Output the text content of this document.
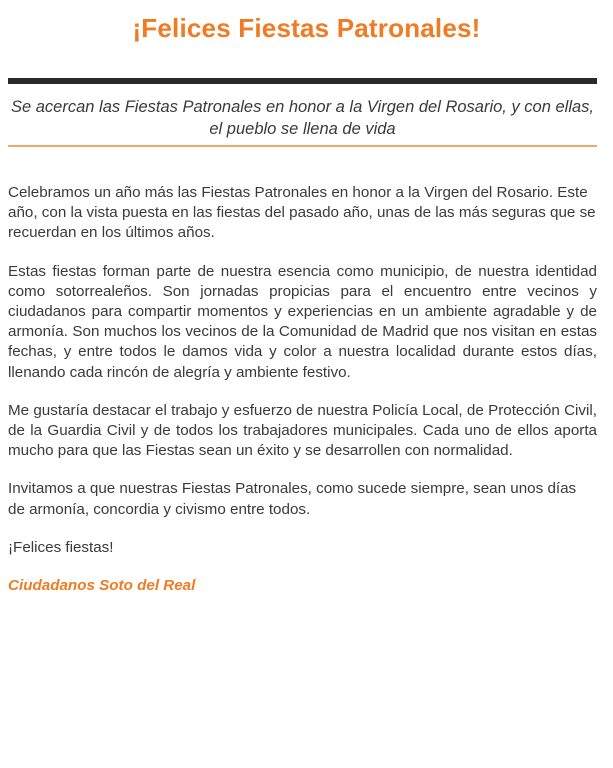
¡Felices Fiestas Patronales!

Se acercan las Fiestas Patronales en honor a la Virgen del Rosario, y con ellas, el pueblo se llena de vida

Celebramos un año más las Fiestas Patronales en honor a la Virgen del Rosario. Este año, con la vista puesta en las fiestas del pasado año, unas de las más seguras que se recuerdan en los últimos años.

Estas fiestas forman parte de nuestra esencia como municipio, de nuestra identidad como sotorrealeños. Son jornadas propicias para el encuentro entre vecinos y ciudadanos para compartir momentos y experiencias en un ambiente agradable y de armonía. Son muchos los vecinos de la Comunidad de Madrid que nos visitan en estas fechas, y entre todos le damos vida y color a nuestra localidad durante estos días, llenando cada rincón de alegría y ambiente festivo.

Me gustaría destacar el trabajo y esfuerzo de nuestra Policía Local, de Protección Civil, de la Guardia Civil y de todos los trabajadores municipales. Cada uno de ellos aporta mucho para que las Fiestas sean un éxito y se desarrollen con normalidad.

Invitamos a que nuestras Fiestas Patronales, como sucede siempre, sean unos días de armonía, concordia y civismo entre todos.

¡Felices fiestas!

Ciudadanos Soto del Real
